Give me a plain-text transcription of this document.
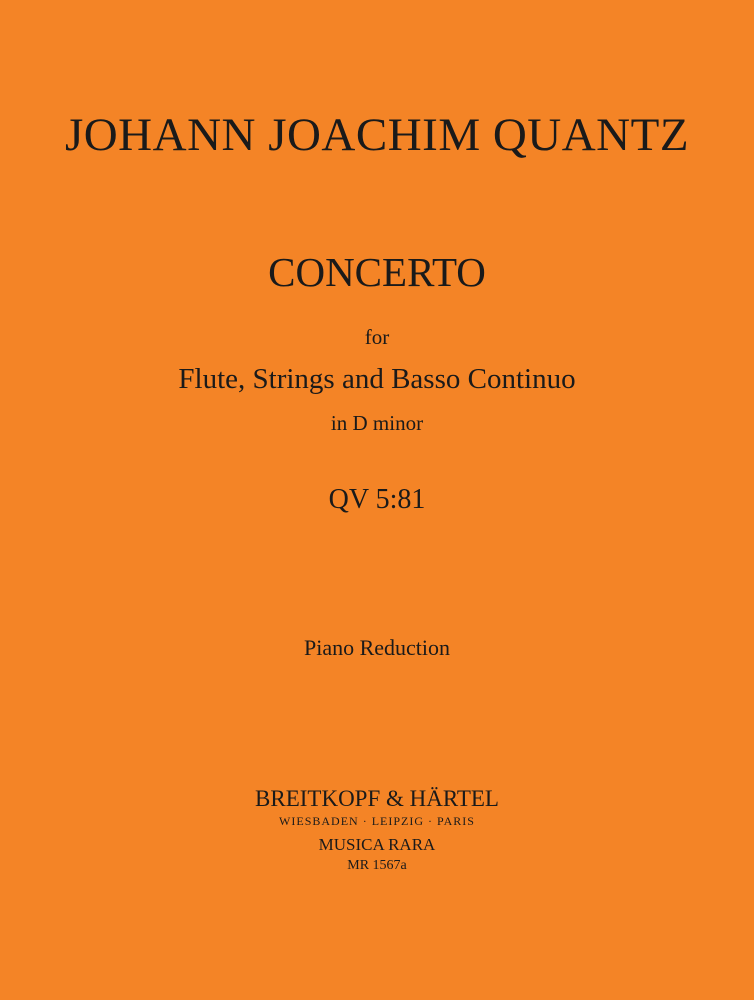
JOHANN JOACHIM QUANTZ
CONCERTO
for
Flute, Strings and Basso Continuo
in D minor
QV 5:81
Piano Reduction
BREITKOPF & HÄRTEL
WIESBADEN · LEIPZIG · PARIS
MUSICA RARA
MR 1567a
